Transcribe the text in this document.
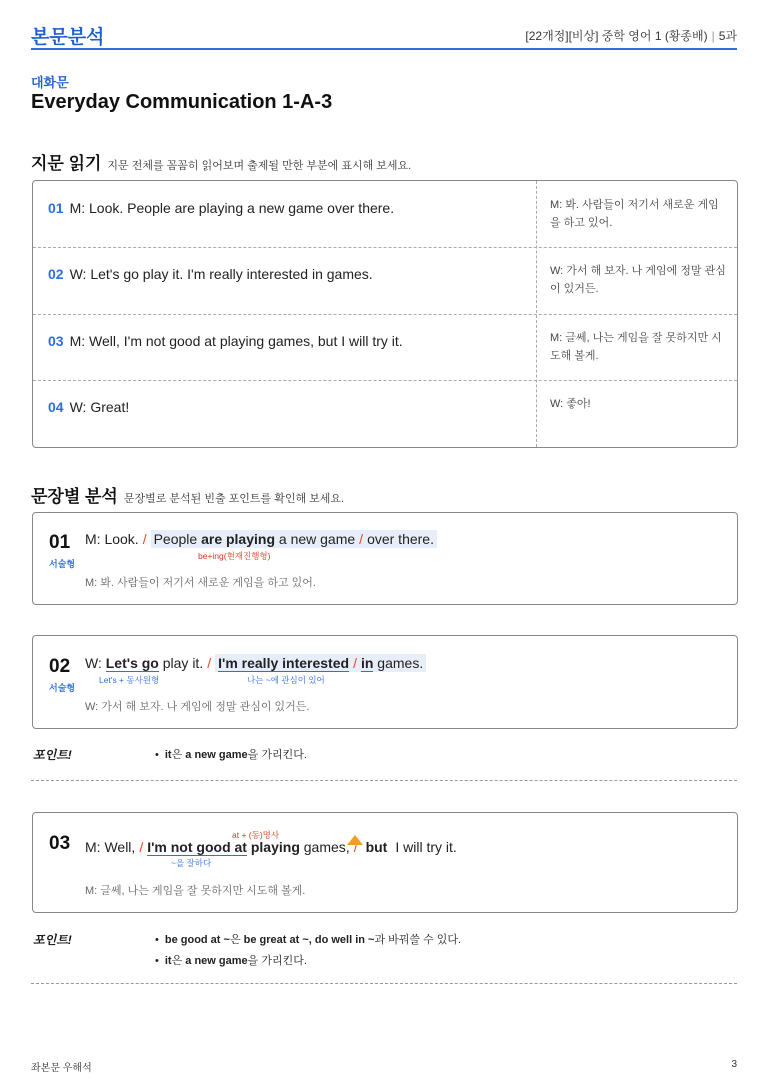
본문분석	[22개정][비상] 중학 영어 1 (황종배) | 5과
대화문
Everyday Communication 1-A-3
지문 읽기 지문 전체를 꼼꼼히 읽어보며 출제될 만한 부분에 표시해 보세요.
01 M: Look. People are playing a new game over there.	M: 봐. 사람들이 저기서 새로운 게임을 하고 있어.
02 W: Let's go play it. I'm really interested in games.	W: 가서 해 보자. 나 게임에 정말 관심이 있거든.
03 M: Well, I'm not good at playing games, but I will try it.	M: 글쎄, 나는 게임을 잘 못하지만 시도해 볼게.
04 W: Great!	W: 좋아!
문장별 분석 문장별로 분석된 빈출 포인트를 확인해 보세요.
01
서술형
M: Look. / People are playing a new game / over there.
be+ing(현재진행형)
M: 봐. 사람들이 저기서 새로운 게임을 하고 있어.
02
서술형
W: Let's go play it. / I'm really interested / in games.
Let's + 동사원형	나는 ~에 관심이 있어
W: 가서 해 보자. 나 게임에 정말 관심이 있거든.
포인트!	• it은 a new game을 가리킨다.
03 M: Well, / I'm not good at playing games, / but I will try it.
at + (동)명사
~을 잘하다
M: 글쎄, 나는 게임을 잘 못하지만 시도해 볼게.
포인트!	• be good at ~은 be great at ~, do well in ~과 바꿔쓸 수 있다.
• it은 a new game을 가리킨다.
좌본문 우해석	3
